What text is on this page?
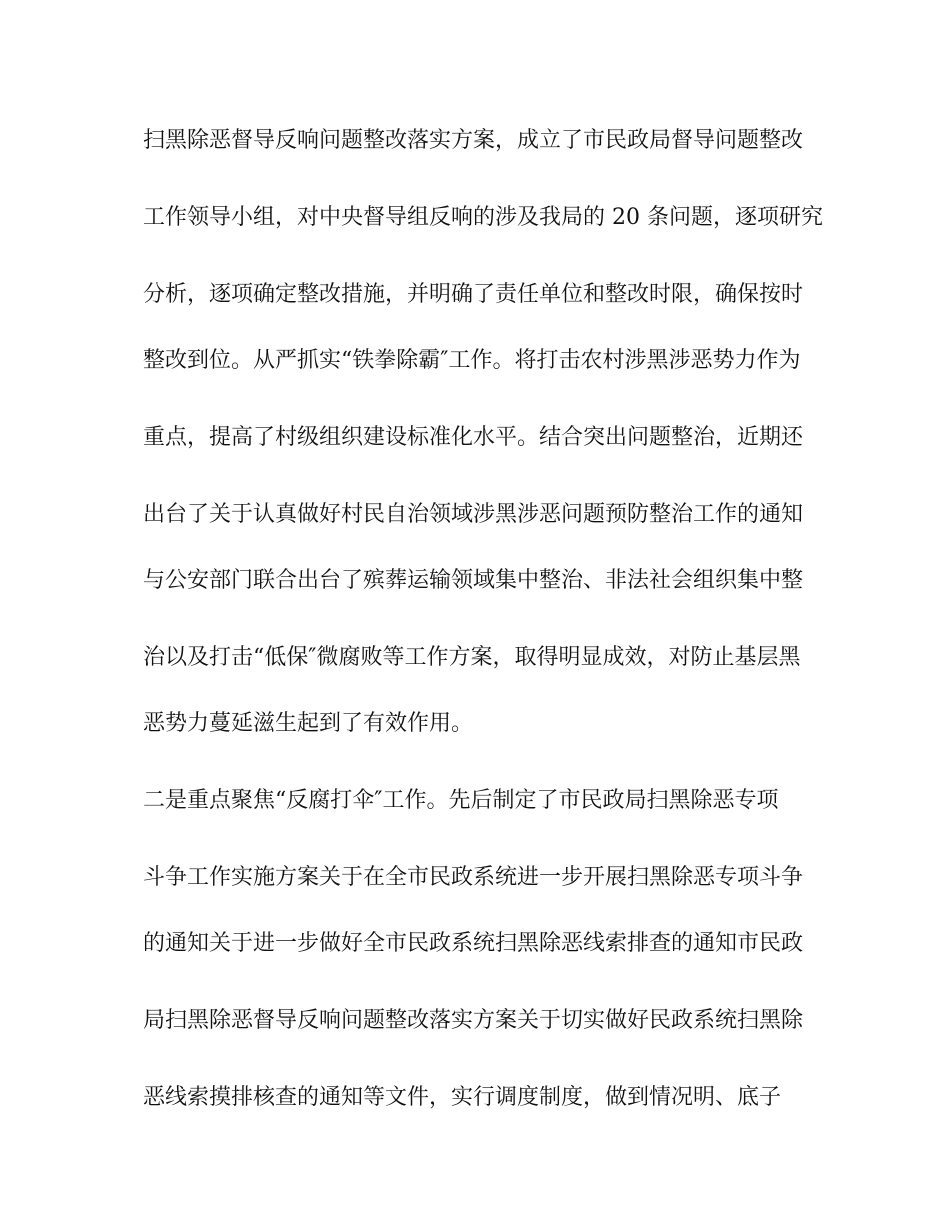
扫黑除恶督导反响问题整改落实方案，成立了市民政局督导问题整改
工作领导小组，对中央督导组反响的涉及我局的 20 条问题，逐项研究
分析，逐项确定整改措施，并明确了责任单位和整改时限，确保按时
整改到位。从严抓实“铁拳除霸″工作。将打击农村涉黑涉恶势力作为
重点，提高了村级组织建设标准化水平。结合突出问题整治，近期还
出台了关于认真做好村民自治领域涉黑涉恶问题预防整治工作的通知
与公安部门联合出台了殡葬运输领域集中整治、非法社会组织集中整
治以及打击“低保″微腐败等工作方案，取得明显成效，对防止基层黑
恶势力蔓延滋生起到了有效作用。
二是重点聚焦“反腐打伞″工作。先后制定了市民政局扫黑除恶专项
斗争工作实施方案关于在全市民政系统进一步开展扫黑除恶专项斗争
的通知关于进一步做好全市民政系统扫黑除恶线索排查的通知市民政
局扫黑除恶督导反响问题整改落实方案关于切实做好民政系统扫黑除
恶线索摸排核查的通知等文件，实行调度制度，做到情况明、底子
